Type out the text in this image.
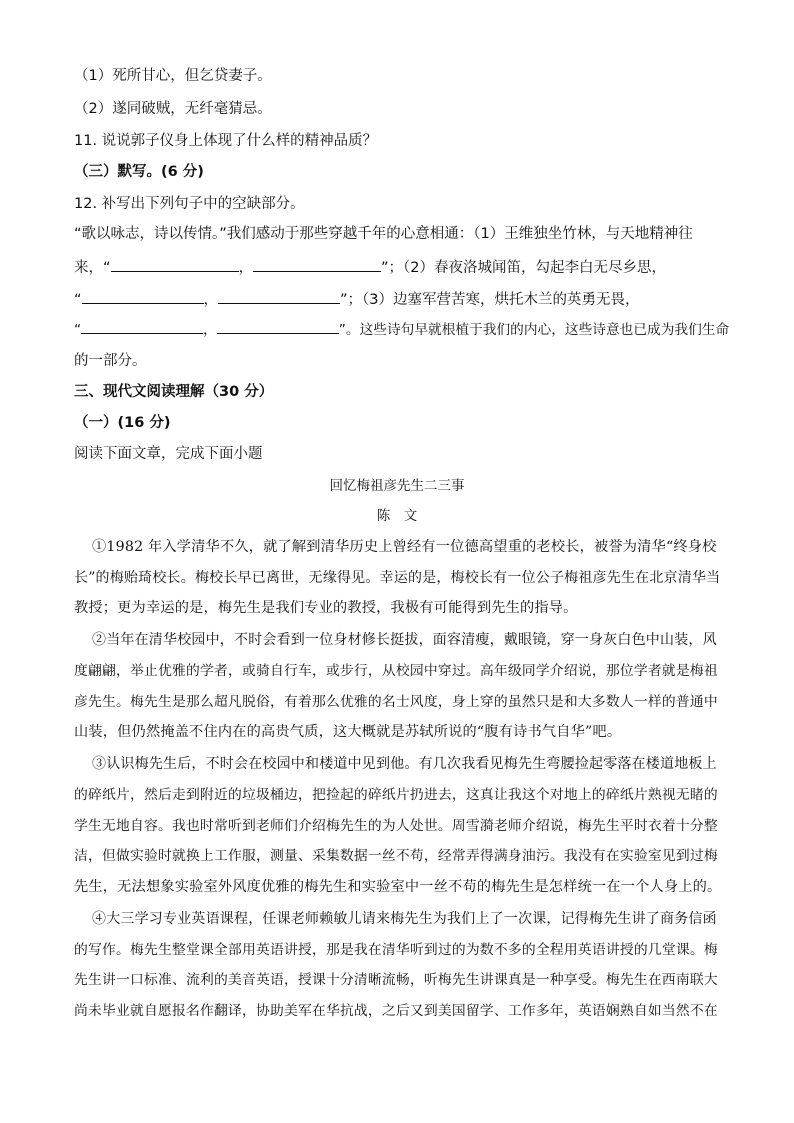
（1）死所甘心，但乞贷妻子。
（2）遂同破贼，无纤毫猜忌。
11. 说说郭子仪身上体现了什么样的精神品质？
（三）默写。(6 分)
12. 补写出下列句子中的空缺部分。
“歌以咏志，诗以传情。”我们感动于那些穿越千年的心意相通：（1）王维独坐竹林，与天地精神往
来，“	，	”；（2）春夜洛城闻笛，勾起李白无尽乡思，
“	，	”；（3）边塞军营苦寒，烘托木兰的英勇无畏，
“	，	”。这些诗句早就根植于我们的内心，这些诗意也已成为我们生命
的一部分。
三、现代文阅读理解（30 分）
（一）(16 分)
阅读下面文章，完成下面小题
回忆梅祖彦先生二三事
陈　文
①1982 年入学清华不久，就了解到清华历史上曾经有一位德高望重的老校长，被誉为清华“终身校
长”的梅贻琦校长。梅校长早已离世，无缘得见。幸运的是，梅校长有一位公子梅祖彦先生在北京清华当
教授；更为幸运的是，梅先生是我们专业的教授，我极有可能得到先生的指导。
②当年在清华校园中，不时会看到一位身材修长挺拔，面容清瘦，戴眼镜，穿一身灰白色中山装，风
度翩翩，举止优雅的学者，或骑自行车，或步行，从校园中穿过。高年级同学介绍说，那位学者就是梅祖
彦先生。梅先生是那么超凡脱俗，有着那么优雅的名士风度，身上穿的虽然只是和大多数人一样的普通中
山装，但仍然掩盖不住内在的高贵气质，这大概就是苏轼所说的“腹有诗书气自华”吧。
③认识梅先生后，不时会在校园中和楼道中见到他。有几次我看见梅先生弯腰捡起零落在楼道地板上
的碎纸片，然后走到附近的垃圾桶边，把捡起的碎纸片扔进去，这真让我这个对地上的碎纸片熟视无睹的
学生无地自容。我也时常听到老师们介绍梅先生的为人处世。周雪漪老师介绍说，梅先生平时衣着十分整
洁，但做实验时就换上工作服，测量、采集数据一丝不苟，经常弄得满身油污。我没有在实验室见到过梅
先生，无法想象实验室外风度优雅的梅先生和实验室中一丝不苟的梅先生是怎样统一在一个人身上的。
④大三学习专业英语课程，任课老师赖敏儿请来梅先生为我们上了一次课，记得梅先生讲了商务信函
的写作。梅先生整堂课全部用英语讲授，那是我在清华听到过的为数不多的全程用英语讲授的几堂课。梅
先生讲一口标准、流利的美音英语，授课十分清晰流畅，听梅先生讲课真是一种享受。梅先生在西南联大
尚未毕业就自愿报名作翻译，协助美军在华抗战，之后又到美国留学、工作多年，英语娴熟自如当然不在
